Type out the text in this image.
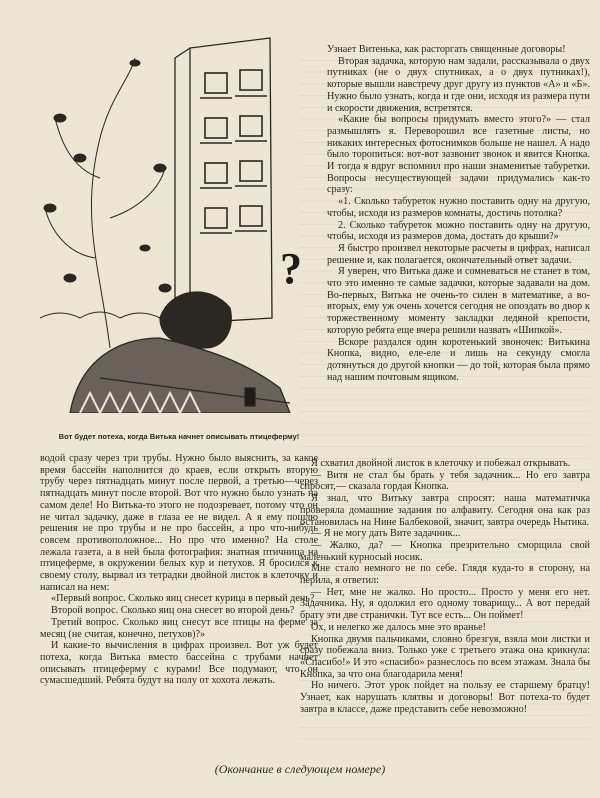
?
Вот будет потеха, когда Витька начнет описывать птицеферму!

водой сразу через три трубы. Нужно было выяснить, за какое время бассейн наполнится до краев, если открыть вторую трубу через пятнадцать минут после первой, а третью—через пятнадцать минут после второй. Вот что нужно было узнать на самом деле! Но Витька-то этого не подозревает, потому что он не читал задачку, даже в глаза ее не видел. А я ему пошлю решения не про трубы и не про бассейн, а про что-нибудь совсем противоположное... Но про что именно? На столе лежала газета, а в ней была фотография: знатная птичница на птицеферме, в окружении белых кур и петухов. Я бросился к своему столу, вырвал из тетрадки двойной листок в клеточку и написал на нем:

«Первый вопрос. Сколько яиц снесет курица в первый день?

Второй вопрос. Сколько яиц она снесет во второй день?

Третий вопрос. Сколько яиц снесут все птицы на ферме за месяц (не считая, конечно, петухов)?»

И какие-то вычисления в цифрах произвел. Вот уж будет потеха, когда Витька вместо бассейна с трубами начнет описывать птицеферму с курами! Все подумают, что он сумасшедший. Ребята будут на полу от хохота лежать.

Узнает Витенька, как расторгать священные договоры!

Вторая задачка, которую нам задали, рассказывала о двух путниках (не о двух спутниках, а о двух путниках!), которые вышли навстречу друг другу из пунктов «А» и «Б». Нужно было узнать, когда и где они, исходя из размера пути и скорости движения, встретятся.

«Какие бы вопросы придумать вместо этого?» — стал размышлять я. Переворошил все газетные листы, но никаких интересных фотоснимков больше не нашел. А надо было торопиться: вот-вот зазвонит звонок и явится Кнопка. И тогда я вдруг вспомнил про наши знаменитые табуретки. Вопросы несуществующей задачи придумались как-то сразу:

«1. Сколько табуреток нужно поставить одну на другую, чтобы, исходя из размеров комнаты, достичь потолка?

2. Сколько табуреток можно поставить одну на другую, чтобы, исходя из размеров дома, достать до крыши?»

Я быстро произвел некоторые расчеты в цифрах, написал решение и, как полагается, окончательный ответ задачи.

Я уверен, что Витька даже и сомневаться не станет в том, что это именно те самые задачки, которые задавали на дом. Во-первых, Витька не очень-то силен в математике, а во-вторых, ему уж очень хочется сегодня не опоздать во двор к торжественному моменту закладки ледяной крепости, которую ребята еще вчера решили назвать «Шипкой».

Вскоре раздался один коротенький звоночек: Витькина Кнопка, видно, еле-еле и лишь на секунду смогла дотянуться до другой кнопки — до той, которая была прямо над нашим почтовым ящиком.

Я схватил двойной листок в клеточку и побежал открывать.

— Витя не стал бы брать у тебя задачник... Но его завтра спросят,— сказала гордая Кнопка.

Я знал, что Витьку завтра спросят: наша математичка проверяла домашние задания по алфавиту. Сегодня она как раз остановилась на Нине Балбековой, значит, завтра очередь Нытика.

— Я не могу дать Вите задачник...

— Жалко, да? — Кнопка презрительно сморщила свой маленький курносый носик.

Мне стало немного не по себе. Глядя куда-то в сторону, на перила, я ответил:

— Нет, мне не жалко. Но просто... Просто у меня его нет. Задачника. Ну, я одолжил его одному товарищу... А вот передай брату эти две странички. Тут все есть... Он поймет!

Ох, и нелегко же далось мне это вранье!

Кнопка двумя пальчиками, словно брезгуя, взяла мои листки и сразу побежала вниз. Только уже с третьего этажа она крикнула: «Спасибо!» И это «спасибо» разнеслось по всем этажам. Знала бы Кнопка, за что она благодарила меня!

Но ничего. Этот урок пойдет на пользу ее старшему братцу! Узнает, как нарушать клятвы и договоры! Вот потеха-то будет завтра в классе, даже представить себе невозможно!

(Окончание в следующем номере)
